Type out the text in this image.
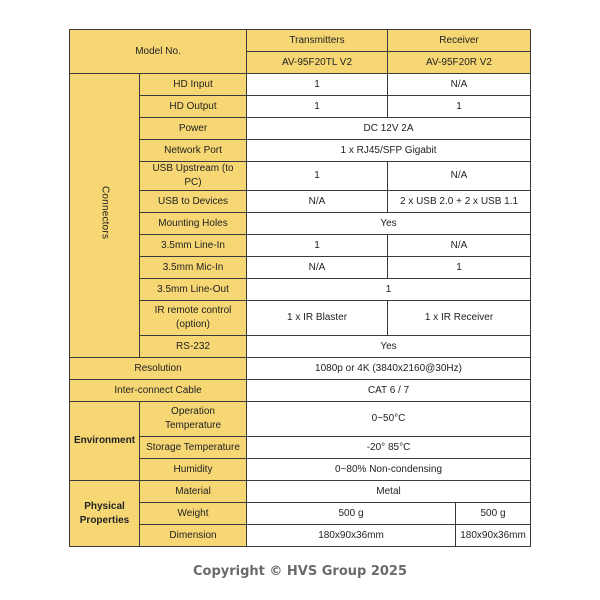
Model No.		Transmitters	Receiver	
		AV-95F20TL V2	AV-95F20R V2	
Connectors	HD Input	1	N/A	
	HD Output	1	1	
	Power	DC 12V 2A		
	Network Port	1 x RJ45/SFP Gigabit		
	USB Upstream (to PC)	1	N/A	
	USB to Devices	N/A	2 x USB 2.0 + 2 x USB 1.1	
	Mounting Holes	Yes		
	3.5mm Line-In	1	N/A	
	3.5mm Mic-In	N/A	1	
	3.5mm Line-Out	1		
	IR remote control (option)	1 x IR Blaster	1 x IR Receiver	
	RS-232	Yes		
Resolution		1080p or 4K (3840x2160@30Hz)		
Inter-connect Cable		CAT 6 / 7		
Environment	Operation Temperature	0~50°C		
	Storage Temperature	-20° 85°C		
	Humidity	0~80% Non-condensing		
Physical Properties	Material	Metal		
	Weight	500 g		500 g
	Dimension	180x90x36mm		180x90x36mm
Copyright © HVS Group 2025
